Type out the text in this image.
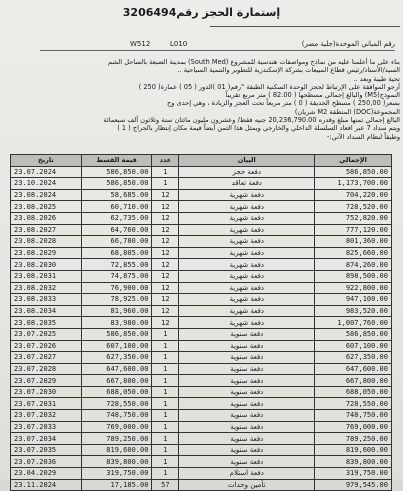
إستمارة الحجز رقم3206494
رقم المباني الموحدة(جلية مصر)
L010
W512
بناء على ما أعلمنا عليه من نماذج ومواصفات هندسية للمشروع (South Med) بمدينة الضبعة بالساحل الشم
السيد/الأستاذ/رئيس قطاع المبيعات بشركة الإسكندرية للتطوير والتنمية السياحية ..
تحية طيبة وبعد ..
أرجو الموافقة على الإرتباط لحجز الوحدة السكنية الطبقة "رقم( 01 )الدور ( 05 ) عمارة( 250 )
النموذج(M5) والبالغ إجمالي مسطحها ( 82.00 ) متر مربع تقريباً
بسعر( 250,00 ) مسطح الحديقة ( 0 ) متر مربعاً تحت العجز والزيادة ، وهي إحدى وح
المجموعة(DOC) المنطقة M2 شريان)
البالغ إجمالي ثمنها مبلغ وقدره 20,236,790.00 جنيه فقط/ وعشرون مليون مائتان ستة وثلاثون ألف سبعمائة
ويتم سداد 7 عبر افعاد السلسلة الداخلي والخارجي ويمثل هذا الثمن أيضاً قيمة مكان إنتظار بالجراج ( 1 )
وطبقاً لنظام السداد الآتي:-
تاريخ	قيمة القسط	عدد	البيان	الإجمالي
23.07.2024	586,850.00	1	دفعة حجز	586,850.00
23.10.2024	586,850.00	1	دفعة تعاقد	1,173,700.00
23.08.2024	58,685.00	12	دفعة شهرية	704,220.00
23.08.2025	60,710.00	12	دفعة شهرية	728,520.00
23.08.2026	62,735.00	12	دفعة شهرية	752,820.00
23.08.2027	64,760.00	12	دفعة شهرية	777,120.00
23.08.2028	66,780.00	12	دفعة شهرية	801,360.00
23.08.2029	68,805.00	12	دفعة شهرية	825,660.00
23.08.2030	72,855.00	12	دفعة شهرية	874,260.00
23.08.2031	74,875.00	12	دفعة شهرية	898,500.00
23.08.2032	76,900.00	12	دفعة شهرية	922,800.00
23.08.2033	78,925.00	12	دفعة شهرية	947,100.00
23.08.2034	81,960.00	12	دفعة شهرية	983,520.00
23.08.2035	83,980.00	12	دفعة شهرية	1,007,760.00
23.07.2025	586,850.00	1	دفعة سنوية	586,850.00
23.07.2026	607,100.00	1	دفعة سنوية	607,100.00
23.07.2027	627,350.00	1	دفعة سنوية	627,350.00
23.07.2028	647,600.00	1	دفعة سنوية	647,600.00
23.07.2029	667,800.00	1	دفعة سنوية	667,800.00
23.07.2030	688,050.00	1	دفعة سنوية	688,050.00
23.07.2031	728,550.00	1	دفعة سنوية	728,550.00
23.07.2032	748,750.00	1	دفعة سنوية	748,750.00
23.07.2033	769,000.00	1	دفعة سنوية	769,000.00
23.07.2034	789,250.00	1	دفعة سنوية	789,250.00
23.07.2035	819,600.00	1	دفعة سنوية	819,600.00
23.07.2036	839,800.00	1	دفعة سنوية	839,800.00
23.04.2029	319,750.00	1	دفعة استلام	319,750.00
23.11.2024	17,185.00	57	تأمين وحدات	979,545.00
